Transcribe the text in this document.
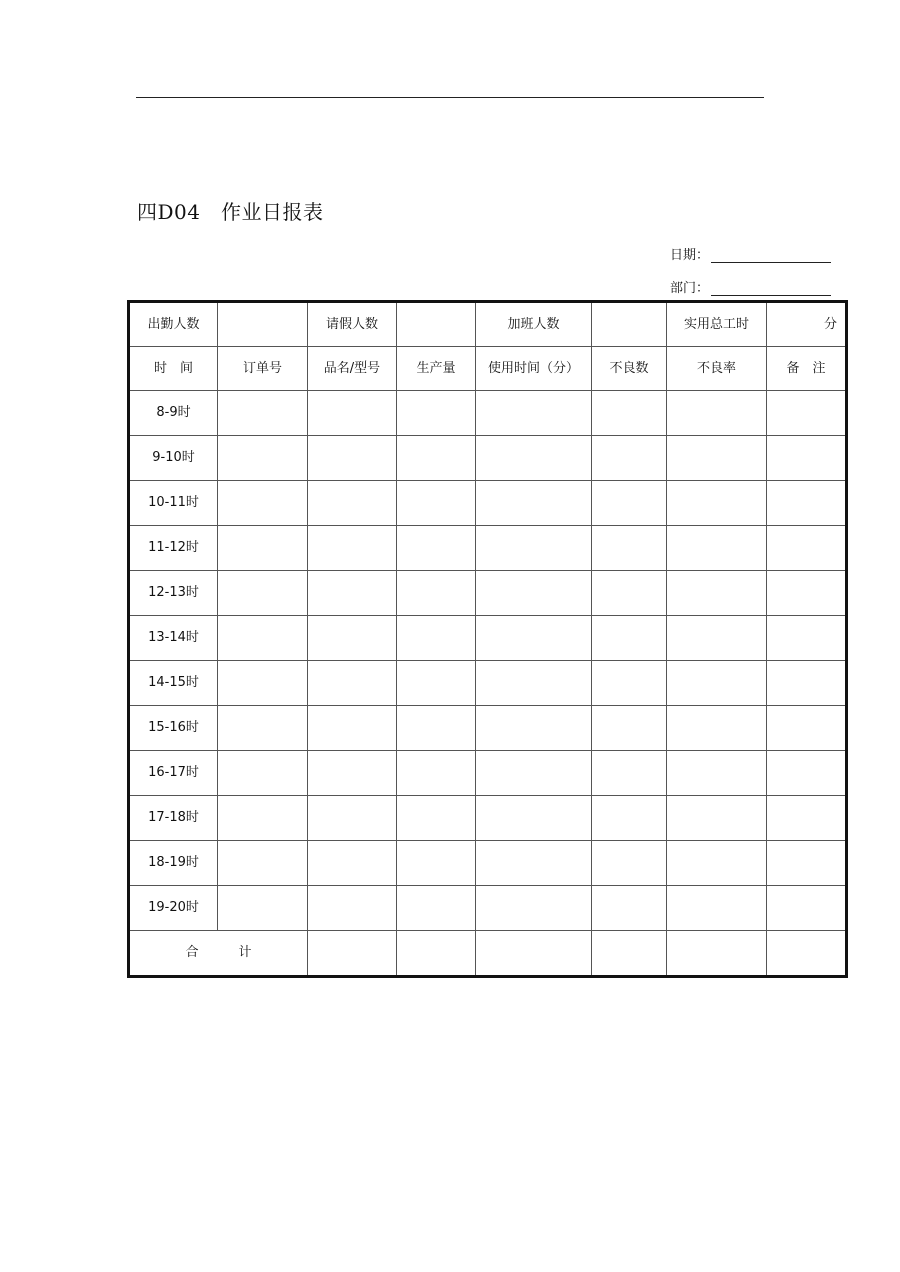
四D04　作业日报表
日期：
部门：
出勤人数		请假人数		加班人数		实用总工时	分
时　间	订单号	品名/型号	生产量	使用时间（分）	不良数	不良率	备　注
8-9时							
9-10时							
10-11时							
11-12时							
12-13时							
13-14时							
14-15时							
15-16时							
16-17时							
17-18时							
18-19时							
19-20时							
合 计							
